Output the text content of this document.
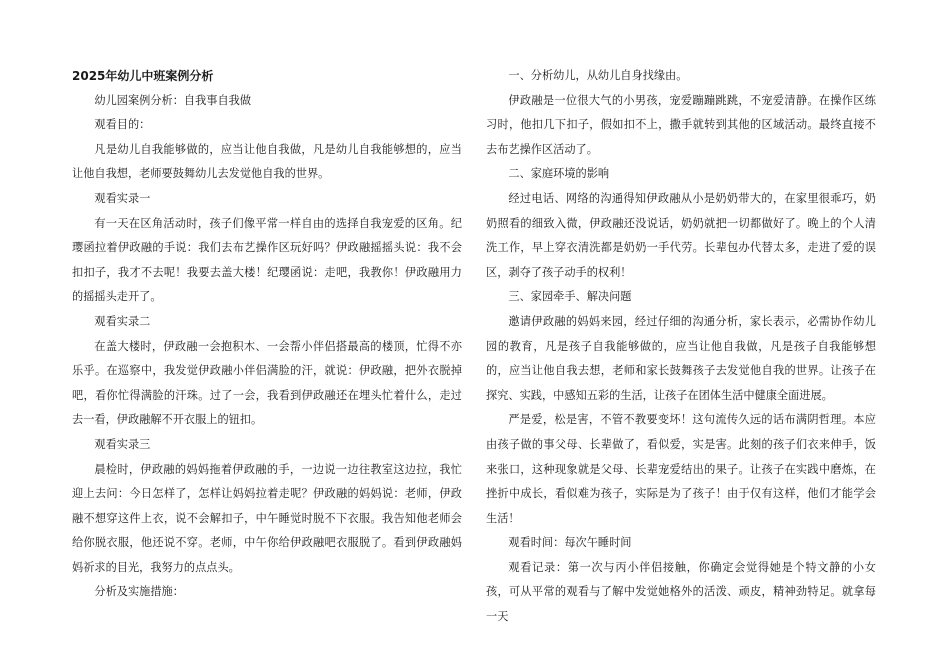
2025年幼儿中班案例分析

幼儿园案例分析：自我事自我做

观看目的：

凡是幼儿自我能够做的，应当让他自我做，凡是幼儿自我能够想的，应当让他自我想，老师要鼓舞幼儿去发觉他自我的世界。

观看实录一

有一天在区角活动时，孩子们像平常一样自由的选择自我宠爱的区角。纪璎函拉着伊政融的手说：我们去布艺操作区玩好吗？伊政融摇摇头说：我不会扣扣子，我才不去呢！我要去盖大楼！纪璎函说：走吧，我教你！伊政融用力的摇摇头走开了。

观看实录二

在盖大楼时，伊政融一会抱积木、一会帮小伴侣搭最高的楼顶，忙得不亦乐乎。在巡察中，我发觉伊政融小伴侣满脸的汗，就说：伊政融，把外衣脱掉吧，看你忙得满脸的汗珠。过了一会，我看到伊政融还在埋头忙着什么，走过去一看，伊政融解不开衣服上的钮扣。

观看实录三

晨检时，伊政融的妈妈拖着伊政融的手，一边说一边往教室这边拉，我忙迎上去问：今日怎样了，怎样让妈妈拉着走呢？伊政融的妈妈说：老师，伊政融不想穿这件上衣，说不会解扣子，中午睡觉时脱不下衣服。我告知他老师会给你脱衣服，他还说不穿。老师，中午你给伊政融吧衣服脱了。看到伊政融妈妈祈求的目光，我努力的点点头。

分析及实施措施：

一、分析幼儿，从幼儿自身找缘由。

伊政融是一位很大气的小男孩，宠爱蹦蹦跳跳，不宠爱清静。在操作区练习时，他扣几下扣子，假如扣不上，撒手就转到其他的区域活动。最终直接不去布艺操作区活动了。

二、家庭环境的影响

经过电话、网络的沟通得知伊政融从小是奶奶带大的，在家里很乖巧，奶奶照看的细致入微，伊政融还没说话，奶奶就把一切都做好了。晚上的个人清洗工作，早上穿衣清洗都是奶奶一手代劳。长辈包办代替太多，走进了爱的误区，剥夺了孩子动手的权利！

三、家园牵手、解决问题

邀请伊政融的妈妈来园，经过仔细的沟通分析，家长表示，必需协作幼儿园的教育，凡是孩子自我能够做的，应当让他自我做，凡是孩子自我能够想的，应当让他自我去想，老师和家长鼓舞孩子去发觉他自我的世界。让孩子在探究、实践，中感知五彩的生活，让孩子在团体生活中健康全面进展。

严是爱，松是害，不管不教要变坏！这句流传久远的话布满阴哲理。本应由孩子做的事父母、长辈做了，看似爱，实是害。此刻的孩子们衣来伸手，饭来张口，这种现象就是父母、长辈宠爱结出的果子。让孩子在实践中磨炼，在挫折中成长，看似难为孩子，实际是为了孩子！由于仅有这样，他们才能学会生活！

观看时间：每次午睡时间

观看记录：第一次与丙小伴侣接触，你确定会觉得她是个特文静的小女孩，可从平常的观看与了解中发觉她格外的活泼、顽皮，精神劲特足。就拿每一天
